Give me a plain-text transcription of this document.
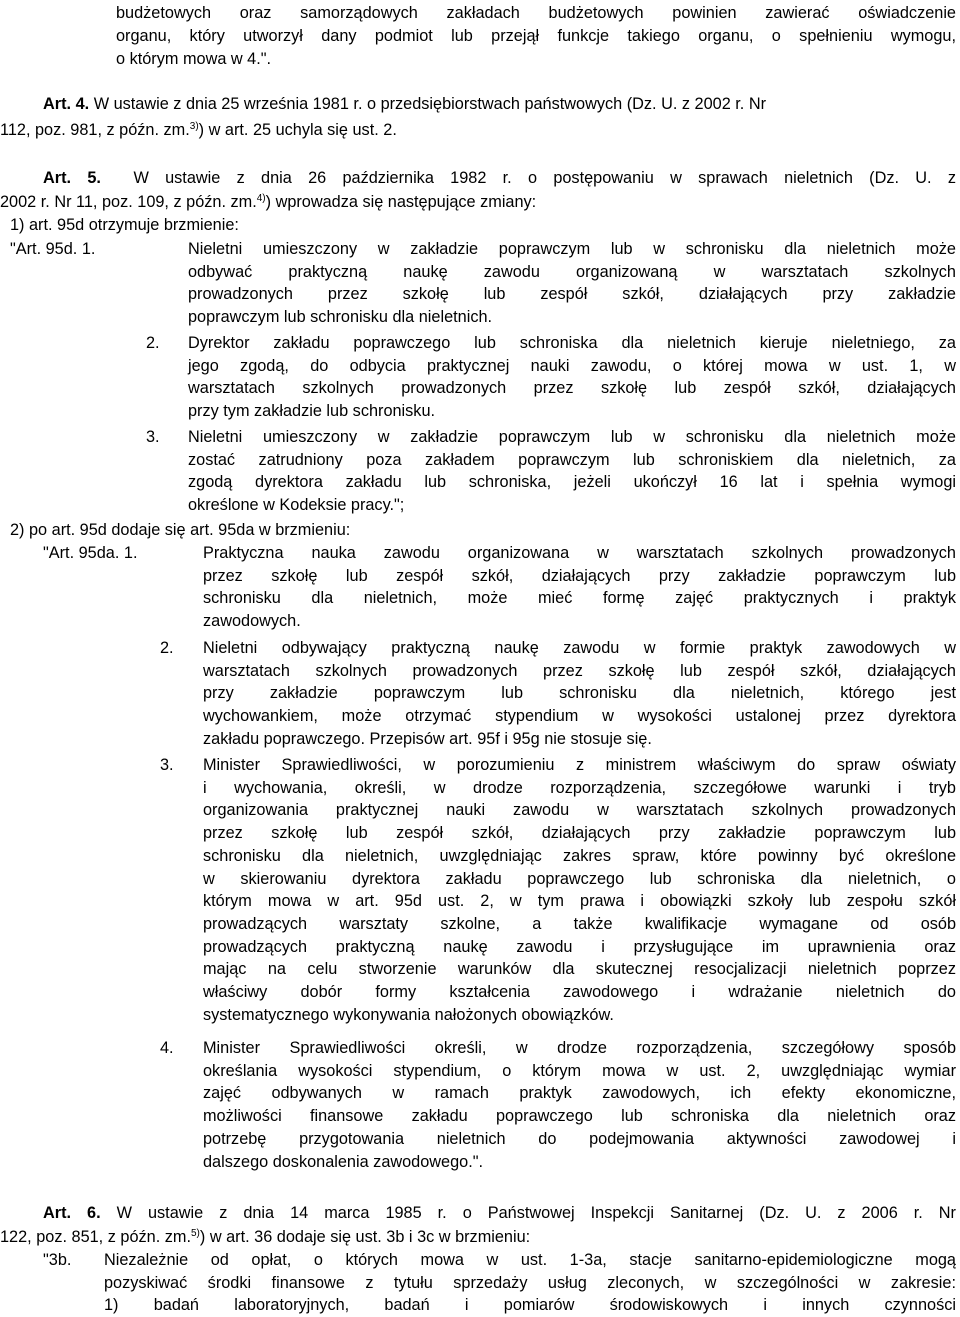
budżetowych oraz samorządowych zakładach budżetowych powinien zawierać oświadczenie
organu, który utworzył dany podmiot lub przejął funkcje takiego organu, o spełnieniu wymogu,
o którym mowa w 4.".
Art. 4. W ustawie z dnia 25 września 1981 r. o przedsiębiorstwach państwowych (Dz. U. z 2002 r. Nr
112, poz. 981, z późn. zm.$^{3)}$) w art. 25 uchyla się ust. 2.
Art. 5. W ustawie z dnia 26 października 1982 r. o postępowaniu w sprawach nieletnich (Dz. U. z
2002 r. Nr 11, poz. 109, z późn. zm.$^{4)}$) wprowadza się następujące zmiany:
1) art. 95d otrzymuje brzmienie:
"Art. 95d. 1.	Nieletni umieszczony w zakładzie poprawczym lub w schronisku dla nieletnich może
odbywać praktyczną naukę zawodu organizowaną w warsztatach szkolnych
prowadzonych przez szkołę lub zespół szkół, działających przy zakładzie
poprawczym lub schronisku dla nieletnich.
2. Dyrektor zakładu poprawczego lub schroniska dla nieletnich kieruje nieletniego, za
jego zgodą, do odbycia praktycznej nauki zawodu, o której mowa w ust. 1, w
warsztatach szkolnych prowadzonych przez szkołę lub zespół szkół, działających
przy tym zakładzie lub schronisku.
3. Nieletni umieszczony w zakładzie poprawczym lub w schronisku dla nieletnich może
zostać zatrudniony poza zakładem poprawczym lub schroniskiem dla nieletnich, za
zgodą dyrektora zakładu lub schroniska, jeżeli ukończył 16 lat i spełnia wymogi
określone w Kodeksie pracy.";
2) po art. 95d dodaje się art. 95da w brzmieniu:
"Art. 95da. 1.	Praktyczna nauka zawodu organizowana w warsztatach szkolnych prowadzonych
przez szkołę lub zespół szkół, działających przy zakładzie poprawczym lub
schronisku dla nieletnich, może mieć formę zajęć praktycznych i praktyk
zawodowych.
2. Nieletni odbywający praktyczną naukę zawodu w formie praktyk zawodowych w
warsztatach szkolnych prowadzonych przez szkołę lub zespół szkół, działających
przy zakładzie poprawczym lub schronisku dla nieletnich, którego jest
wychowankiem, może otrzymać stypendium w wysokości ustalonej przez dyrektora
zakładu poprawczego. Przepisów art. 95f i 95g nie stosuje się.
3. Minister Sprawiedliwości, w porozumieniu z ministrem właściwym do spraw oświaty
i wychowania, określi, w drodze rozporządzenia, szczegółowe warunki i tryb
organizowania praktycznej nauki zawodu w warsztatach szkolnych prowadzonych
przez szkołę lub zespół szkół, działających przy zakładzie poprawczym lub
schronisku dla nieletnich, uwzględniając zakres spraw, które powinny być określone
w skierowaniu dyrektora zakładu poprawczego lub schroniska dla nieletnich, o
którym mowa w art. 95d ust. 2, w tym prawa i obowiązki szkoły lub zespołu szkół
prowadzących warsztaty szkolne, a także kwalifikacje wymagane od osób
prowadzących praktyczną naukę zawodu i przysługujące im uprawnienia oraz
mając na celu stworzenie warunków dla skutecznej resocjalizacji nieletnich poprzez
właściwy dobór formy kształcenia zawodowego i wdrażanie nieletnich do
systematycznego wykonywania nałożonych obowiązków.
4. Minister Sprawiedliwości określi, w drodze rozporządzenia, szczegółowy sposób
określania wysokości stypendium, o którym mowa w ust. 2, uwzględniając wymiar
zajęć odbywanych w ramach praktyk zawodowych, ich efekty ekonomiczne,
możliwości finansowe zakładu poprawczego lub schroniska dla nieletnich oraz
potrzebę przygotowania nieletnich do podejmowania aktywności zawodowej i
dalszego doskonalenia zawodowego.".
Art. 6. W ustawie z dnia 14 marca 1985 r. o Państwowej Inspekcji Sanitarnej (Dz. U. z 2006 r. Nr
122, poz. 851, z późn. zm.$^{5)}$) w art. 36 dodaje się ust. 3b i 3c w brzmieniu:
"3b.	Niezależnie od opłat, o których mowa w ust. 1-3a, stacje sanitarno-epidemiologiczne mogą
pozyskiwać środki finansowe z tytułu sprzedaży usług zleconych, w szczególności w zakresie:
1) badań laboratoryjnych, badań i pomiarów środowiskowych i innych czynności
